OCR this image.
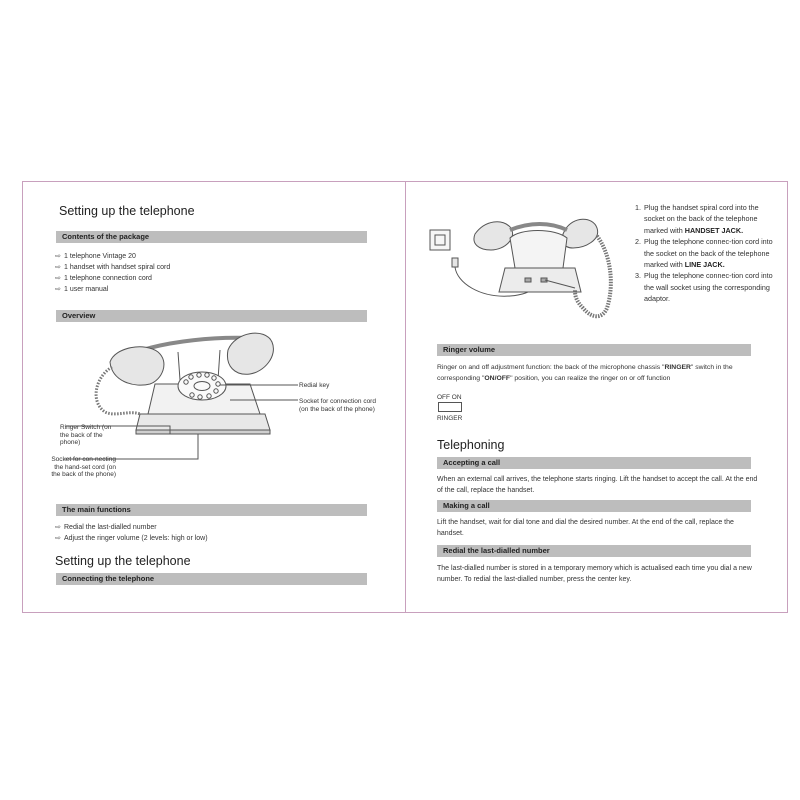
Setting up the telephone
Contents of the package
⇨ 1 telephone Vintage 20
⇨ 1 handset with handset spiral cord
⇨ 1 telephone connection cord
⇨ 1 user manual
Overview
Redial key
Socket for connection cord (on the back of the phone)
Ringer Switch (on the back of the phone)
Socket for con-necting the hand-set cord (on the back of the phone)
The main functions
⇨ Redial the last-dialled number
⇨ Adjust the ringer volume (2 levels: high or low)
Setting up the telephone
Connecting the telephone
1. Plug the handset spiral cord into the socket on the back of the telephone marked with HANDSET JACK.
2. Plug the telephone connec-tion cord into the socket on the back of the telephone marked with LINE JACK.
3. Plug the telephone connec-tion cord into the wall socket using the corresponding adaptor.
Ringer volume
Ringer on and off adjustment function: the back of the microphone chassis "RINGER" switch in the corresponding "ON/OFF" position, you can realize the ringer on or off function
OFF ON
RINGER
Telephoning
Accepting a call
When an external call arrives, the telephone starts ringing. Lift the handset to accept the call. At the end of the call, replace the handset.
Making a call
Lift the handset, wait for dial tone and dial the desired number. At the end of the call, replace the handset.
Redial the last-dialled number
The last-dialled number is stored in a temporary memory which is actualised each time you dial a new number. To redial the last-dialled number, press the center key.
